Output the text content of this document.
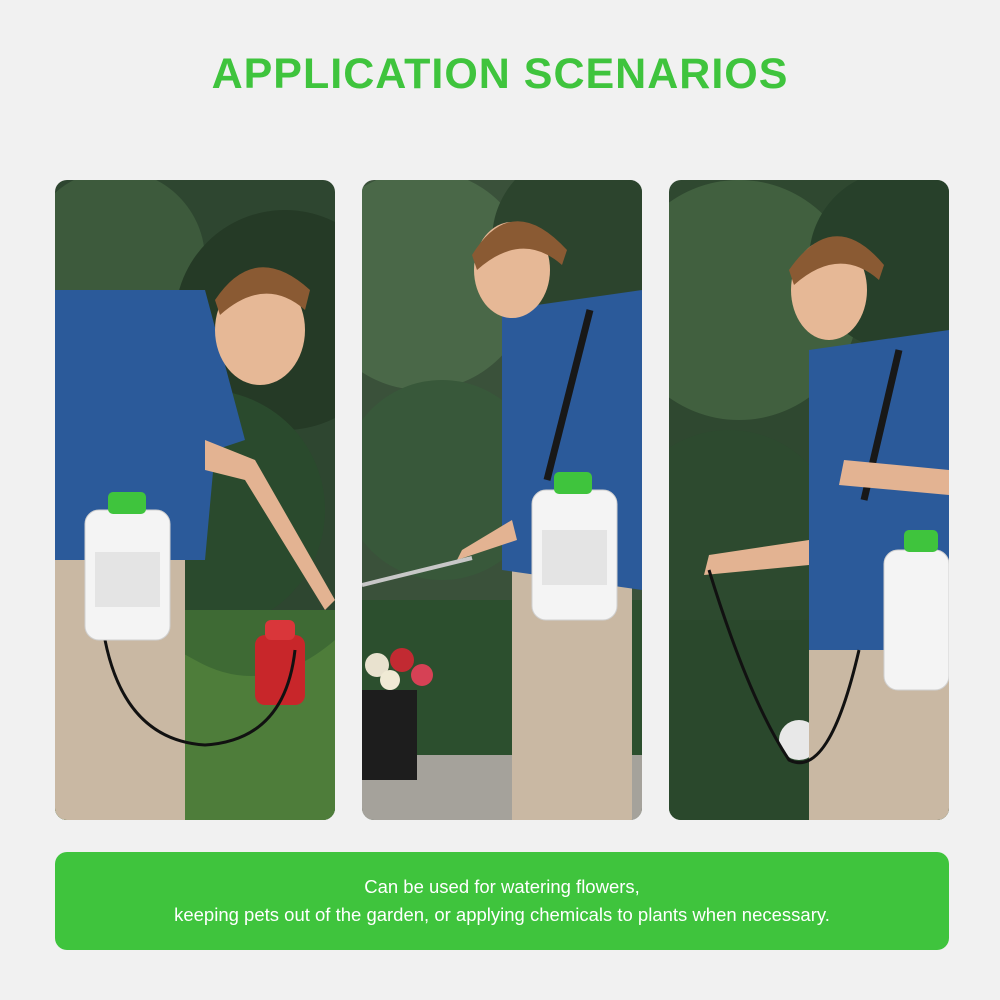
APPLICATION SCENARIOS
Can be used for watering flowers,
keeping pets out of the garden, or applying chemicals to plants when necessary.
